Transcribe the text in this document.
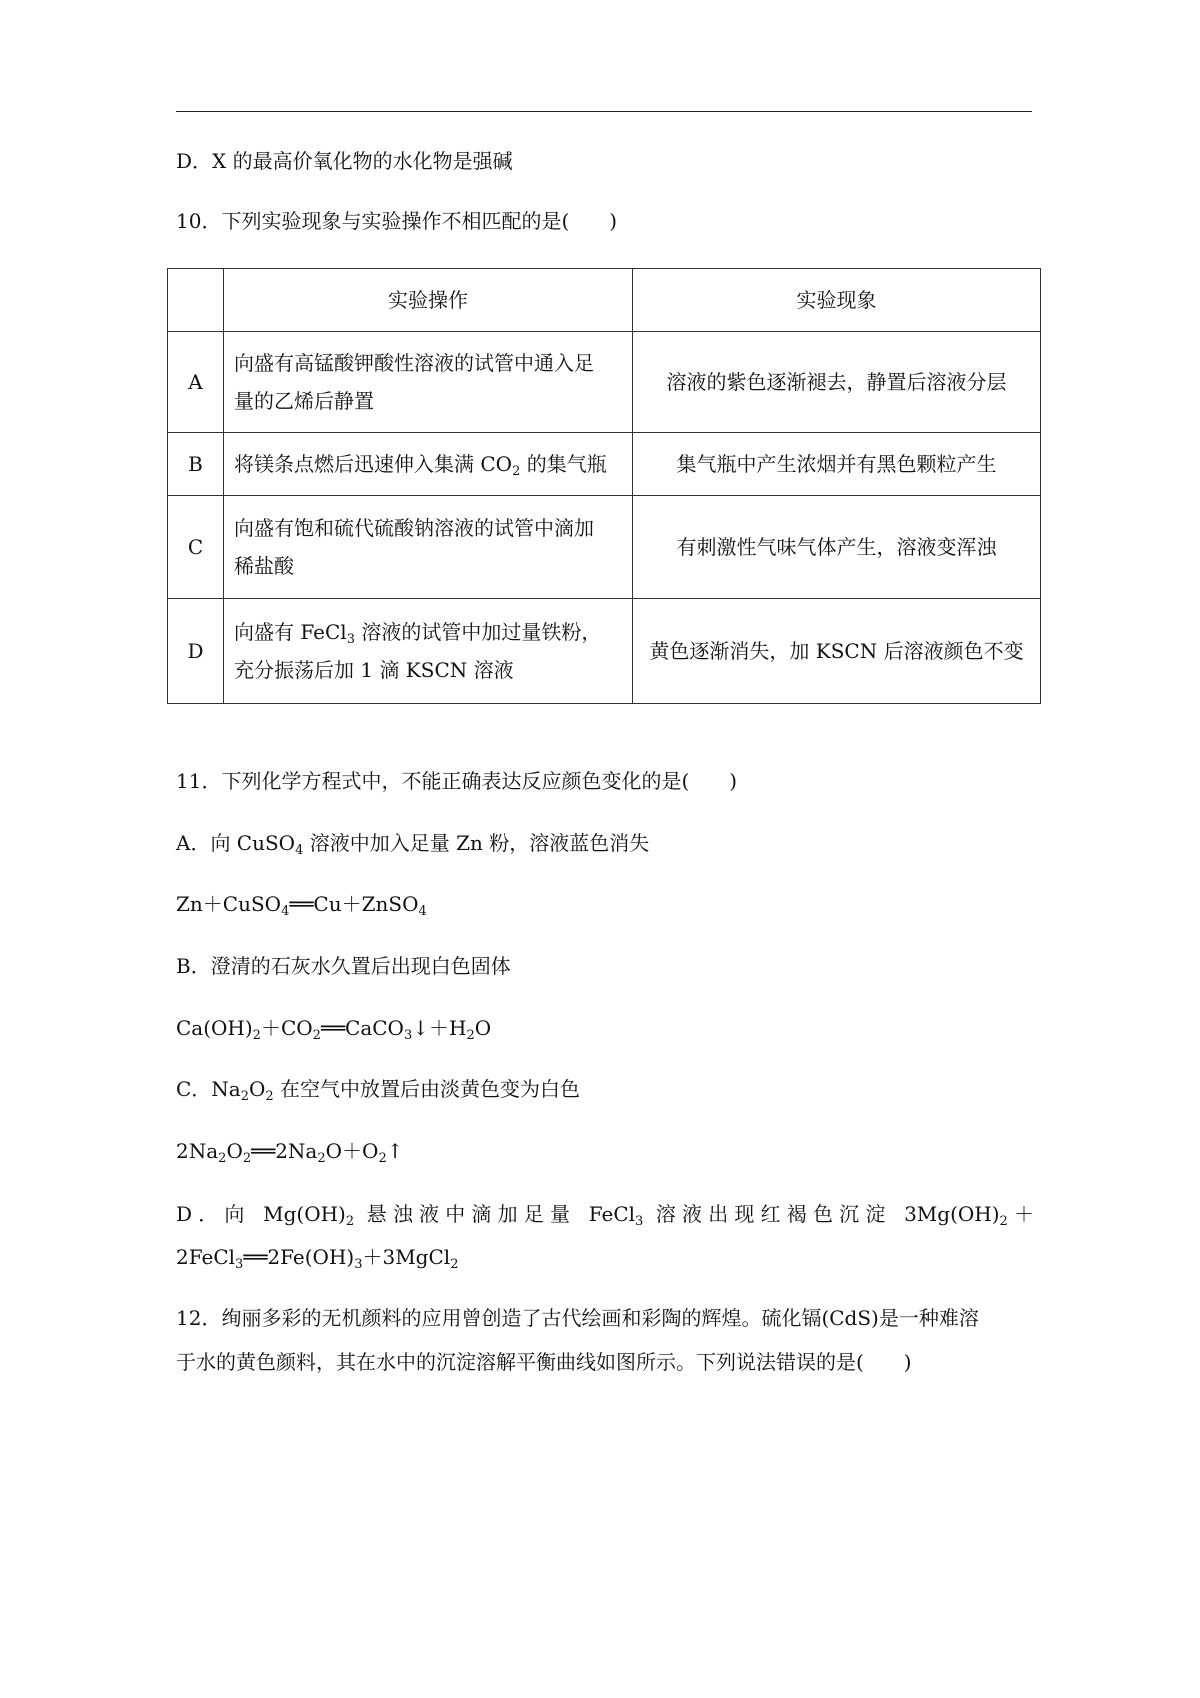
D．X 的最高价氧化物的水化物是强碱
10．下列实验现象与实验操作不相匹配的是(　　)
	实验操作	实验现象
A	向盛有高锰酸钾酸性溶液的试管中通入足
量的乙烯后静置	溶液的紫色逐渐褪去，静置后溶液分层
B	将镁条点燃后迅速伸入集满 $CO_2$ 的集气瓶	集气瓶中产生浓烟并有黑色颗粒产生
C	向盛有饱和硫代硫酸钠溶液的试管中滴加
稀盐酸	有刺激性气味气体产生，溶液变浑浊
D	向盛有 FeCl$_3$ 溶液的试管中加过量铁粉，
充分振荡后加 1 滴 KSCN 溶液	黄色逐渐消失，加 KSCN 后溶液颜色不变
11．下列化学方程式中，不能正确表达反应颜色变化的是(　　)
A．向 CuSO$_4$ 溶液中加入足量 Zn 粉，溶液蓝色消失
Zn＋CuSO$_4$══Cu＋ZnSO$_4$
B．澄清的石灰水久置后出现白色固体
$Ca(OH)_2+CO_2══CaCO_3↓+H_2O$
C．$Na_2O_2$ 在空气中放置后由淡黄色变为白色
$2Na_2O_2══2Na_2O+O_2↑$
D．向 $Mg(OH)_2$ 悬浊液中滴加足量 FeCl$_3$ 溶液出现红褐色沉淀 $3Mg(OH)_2+$
$2FeCl_3══2Fe(OH)_3+3MgCl_2$
12．绚丽多彩的无机颜料的应用曾创造了古代绘画和彩陶的辉煌。硫化镉(CdS)是一种难溶
于水的黄色颜料，其在水中的沉淀溶解平衡曲线如图所示。下列说法错误的是(　　)
